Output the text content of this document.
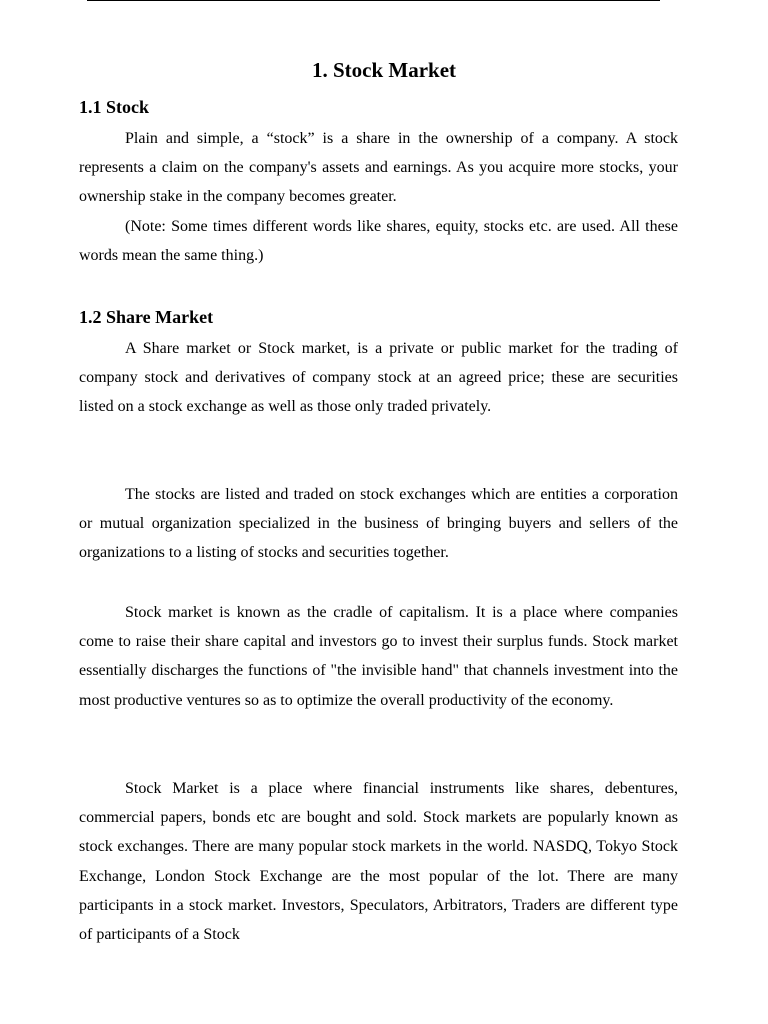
1. Stock Market
1.1 Stock

Plain and simple, a “stock” is a share in the ownership of a company. A stock represents a claim on the company's assets and earnings. As you acquire more stocks, your ownership stake in the company becomes greater.

(Note: Some times different words like shares, equity, stocks etc. are used. All these words mean the same thing.)

1.2 Share Market

A Share market or Stock market, is a private or public market for the trading of company stock and derivatives of company stock at an agreed price; these are securities listed on a stock exchange as well as those only traded privately.

The stocks are listed and traded on stock exchanges which are entities a corporation or mutual organization specialized in the business of bringing buyers and sellers of the organizations to a listing of stocks and securities together.

Stock market is known as the cradle of capitalism. It is a place where companies come to raise their share capital and investors go to invest their surplus funds. Stock market essentially discharges the functions of "the invisible hand" that channels investment into the most productive ventures so as to optimize the overall productivity of the economy.

Stock Market is a place where financial instruments like shares, debentures, commercial papers, bonds etc are bought and sold. Stock markets are popularly known as stock exchanges. There are many popular stock markets in the world. NASDQ, Tokyo Stock Exchange, London Stock Exchange are the most popular of the lot. There are many participants in a stock market. Investors, Speculators, Arbitrators, Traders are different type of participants of a Stock
